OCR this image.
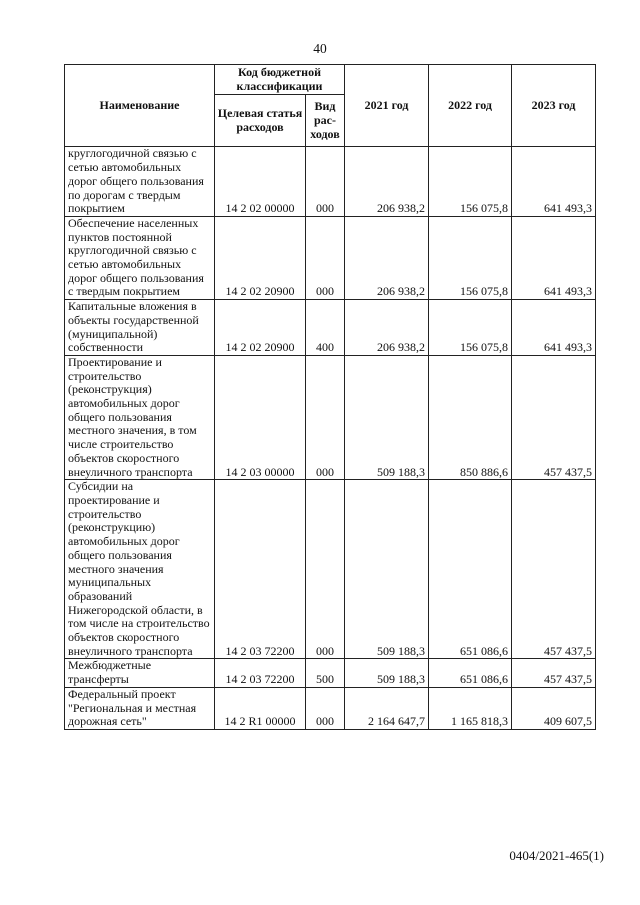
40
Наименование	Код бюджетной классификации		2021 год	2022 год	2023 год
	Целевая статья расходов	Вид рас-ходов			
круглогодичной связью с сетью автомобильных дорог общего пользования по дорогам с твердым покрытием	14 2 02 00000	000	206 938,2	156 075,8	641 493,3
Обеспечение населенных пунктов постоянной круглогодичной связью с сетью автомобильных дорог общего пользования с твердым покрытием	14 2 02 20900	000	206 938,2	156 075,8	641 493,3
Капитальные вложения в объекты государственной (муниципальной) собственности	14 2 02 20900	400	206 938,2	156 075,8	641 493,3
Проектирование и строительство (реконструкция) автомобильных дорог общего пользования местного значения, в том числе строительство объектов скоростного внеуличного транспорта	14 2 03 00000	000	509 188,3	850 886,6	457 437,5
Субсидии на проектирование и строительство (реконструкцию) автомобильных дорог общего пользования местного значения муниципальных образований Нижегородской области, в том числе на строительство объектов скоростного внеуличного транспорта	14 2 03 72200	000	509 188,3	651 086,6	457 437,5
Межбюджетные трансферты	14 2 03 72200	500	509 188,3	651 086,6	457 437,5
Федеральный проект "Региональная и местная дорожная сеть"	14 2 R1 00000	000	2 164 647,7	1 165 818,3	409 607,5
0404/2021-465(1)
